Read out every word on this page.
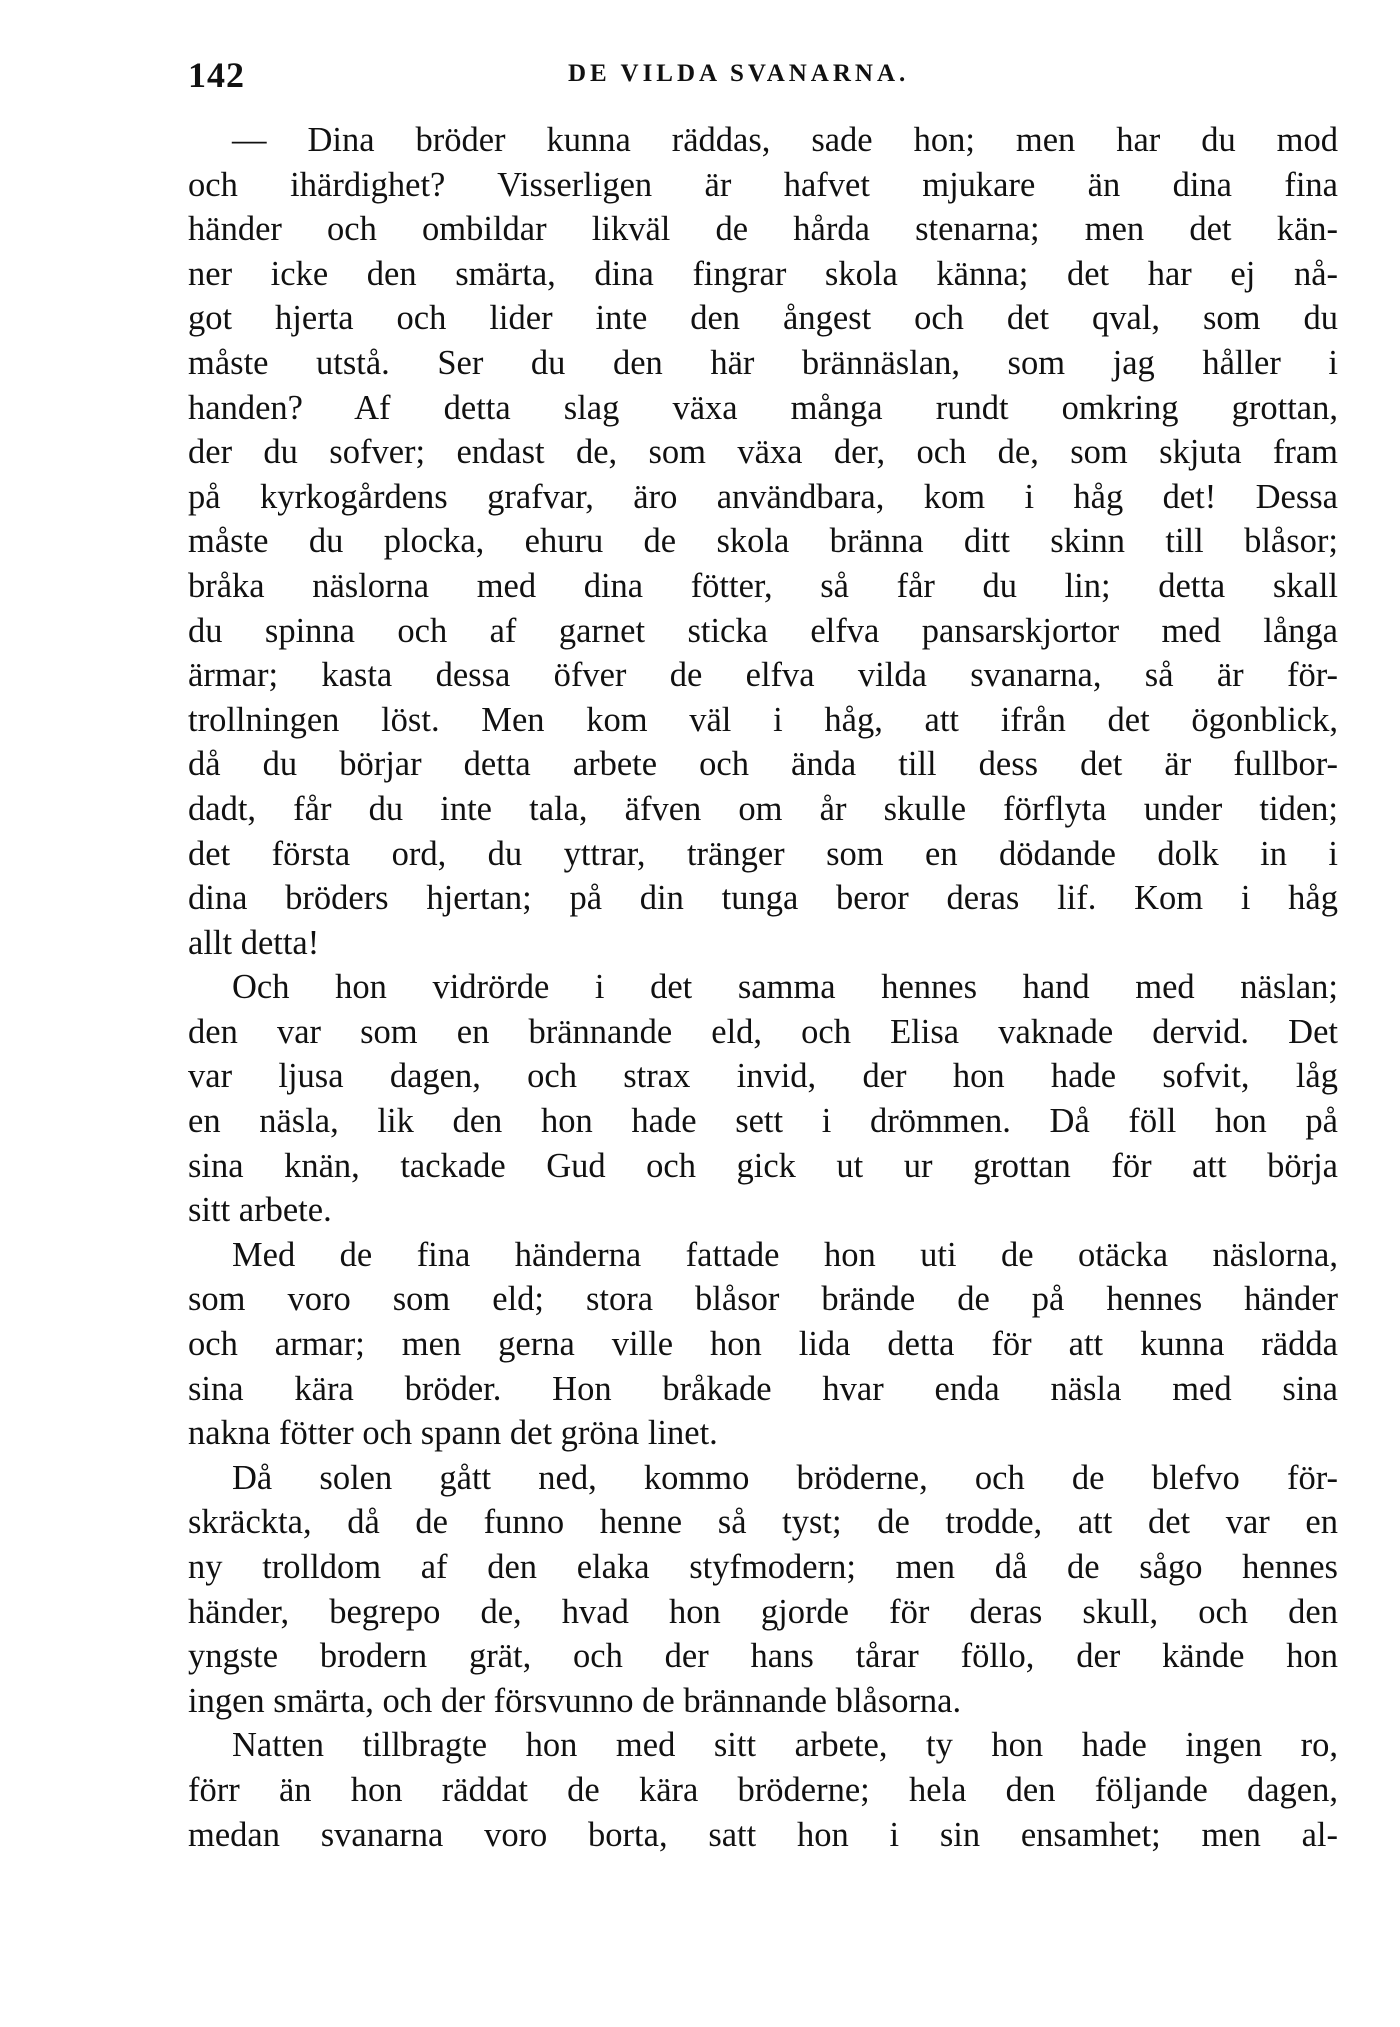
142	DE VILDA SVANARNA.
— Dina bröder kunna räddas, sade hon; men har du mod
och ihärdighet? Visserligen är hafvet mjukare än dina fina
händer och ombildar likväl de hårda stenarna; men det kän-
ner icke den smärta, dina fingrar skola känna; det har ej nå-
got hjerta och lider inte den ångest och det qval, som du
måste utstå. Ser du den här brännäslan, som jag håller i
handen? Af detta slag växa många rundt omkring grottan,
der du sofver; endast de, som växa der, och de, som skjuta fram
på kyrkogårdens grafvar, äro användbara, kom i håg det! Dessa
måste du plocka, ehuru de skola bränna ditt skinn till blåsor;
bråka näslorna med dina fötter, så får du lin; detta skall
du spinna och af garnet sticka elfva pansarskjortor med långa
ärmar; kasta dessa öfver de elfva vilda svanarna, så är för-
trollningen löst. Men kom väl i håg, att ifrån det ögonblick,
då du börjar detta arbete och ända till dess det är fullbor-
dadt, får du inte tala, äfven om år skulle förflyta under tiden;
det första ord, du yttrar, tränger som en dödande dolk in i
dina bröders hjertan; på din tunga beror deras lif. Kom i håg
allt detta!
Och hon vidrörde i det samma hennes hand med näslan;
den var som en brännande eld, och Elisa vaknade dervid. Det
var ljusa dagen, och strax invid, der hon hade sofvit, låg
en näsla, lik den hon hade sett i drömmen. Då föll hon på
sina knän, tackade Gud och gick ut ur grottan för att börja
sitt arbete.
Med de fina händerna fattade hon uti de otäcka näslorna,
som voro som eld; stora blåsor brände de på hennes händer
och armar; men gerna ville hon lida detta för att kunna rädda
sina kära bröder. Hon bråkade hvar enda näsla med sina
nakna fötter och spann det gröna linet.
Då solen gått ned, kommo bröderne, och de blefvo för-
skräckta, då de funno henne så tyst; de trodde, att det var en
ny trolldom af den elaka styfmodern; men då de sågo hennes
händer, begrepo de, hvad hon gjorde för deras skull, och den
yngste brodern grät, och der hans tårar föllo, der kände hon
ingen smärta, och der försvunno de brännande blåsorna.
Natten tillbragte hon med sitt arbete, ty hon hade ingen ro,
förr än hon räddat de kära bröderne; hela den följande dagen,
medan svanarna voro borta, satt hon i sin ensamhet; men al-
